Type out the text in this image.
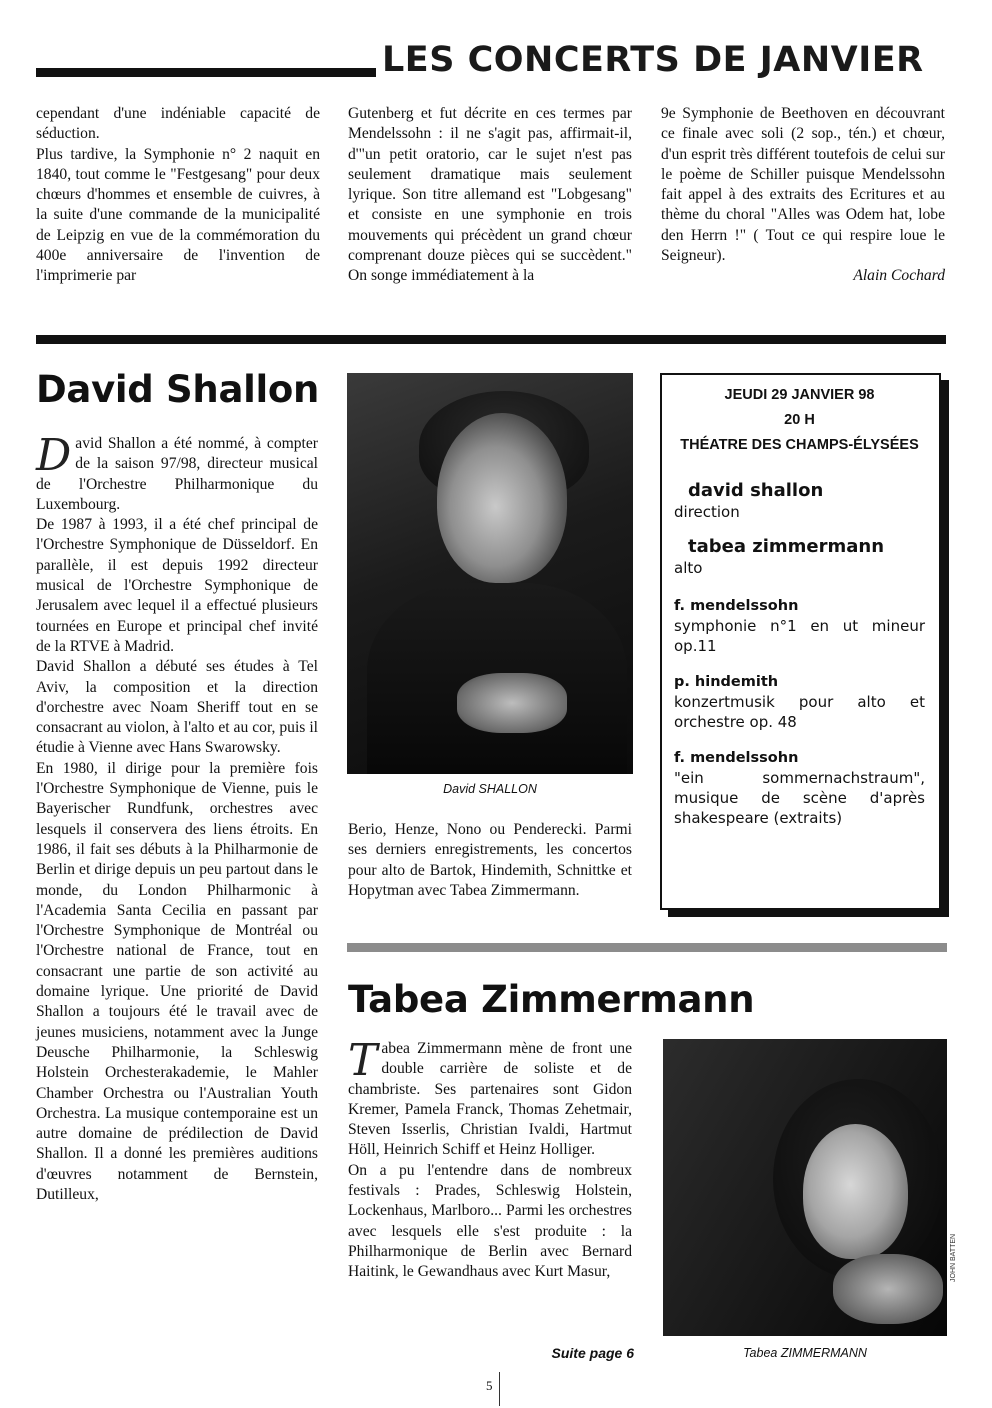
LES CONCERTS DE JANVIER

cependant d'une indéniable capacité de séduction.

Plus tardive, la Symphonie n° 2 naquit en 1840, tout comme le "Festgesang" pour deux chœurs d'hommes et ensemble de cuivres, à la suite d'une commande de la municipalité de Leipzig en vue de la commémoration du 400e anniversaire de l'invention de l'imprimerie par

Gutenberg et fut décrite en ces termes par Mendelssohn : il ne s'agit pas, affirmait-il, d'"un petit oratorio, car le sujet n'est pas seulement dramatique mais seulement lyrique. Son titre allemand est "Lobgesang" et consiste en une symphonie en trois mouvements qui précèdent un grand chœur comprenant douze pièces qui se succèdent." On songe immédiatement à la

9e Symphonie de Beethoven en découvrant ce finale avec soli (2 sop., tén.) et chœur, d'un esprit très différent toutefois de celui sur le poème de Schiller puisque Mendelssohn fait appel à des extraits des Ecritures et au thème du choral "Alles was Odem hat, lobe den Herrn !" ( Tout ce qui respire loue le Seigneur).

Alain Cochard

David Shallon

David Shallon a été nommé, à compter de la saison 97/98, directeur musical de l'Orchestre Philharmonique du Luxembourg.

De 1987 à 1993, il a été chef principal de l'Orchestre Symphonique de Düsseldorf. En parallèle, il est depuis 1992 directeur musical de l'Orchestre Symphonique de Jerusalem avec lequel il a effectué plusieurs tournées en Europe et principal chef invité de la RTVE à Madrid.

David Shallon a débuté ses études à Tel Aviv, la composition et la direction d'orchestre avec Noam Sheriff tout en se consacrant au violon, à l'alto et au cor, puis il étudie à Vienne avec Hans Swarowsky.

En 1980, il dirige pour la première fois l'Orchestre Symphonique de Vienne, puis le Bayerischer Rundfunk, orchestres avec lesquels il conservera des liens étroits. En 1986, il fait ses débuts à la Philharmonie de Berlin et dirige depuis un peu partout dans le monde, du London Philharmonic à l'Academia Santa Cecilia en passant par l'Orchestre Symphonique de Montréal ou l'Orchestre national de France, tout en consacrant une partie de son activité au domaine lyrique. Une priorité de David Shallon a toujours été le travail avec de jeunes musiciens, notamment avec la Junge Deusche Philharmonie, la Schleswig Holstein Orchesterakademie, le Mahler Chamber Orchestra ou l'Australian Youth Orchestra. La musique contemporaine est un autre domaine de prédilection de David Shallon. Il a donné les premières auditions d'œuvres notamment de Bernstein, Dutilleux,

David SHALLON

Berio, Henze, Nono ou Penderecki. Parmi ses derniers enregistrements, les concertos pour alto de Bartok, Hindemith, Schnittke et Hopytman avec Tabea Zimmermann.

JEUDI 29 JANVIER 98
20 H
THÉATRE DES CHAMPS-ÉLYSÉES
david shallon
direction
tabea zimmermann
alto
f. mendelssohn
symphonie n°1 en ut mineur op.11
p. hindemith
konzertmusik pour alto et orchestre op. 48
f. mendelssohn
"ein sommernachstraum", musique de scène d'après shakespeare (extraits)
Tabea Zimmermann

Tabea Zimmermann mène de front une double carrière de soliste et de chambriste. Ses partenaires sont Gidon Kremer, Pamela Franck, Thomas Zehetmair, Steven Isserlis, Christian Ivaldi, Hartmut Höll, Heinrich Schiff et Heinz Holliger.

On a pu l'entendre dans de nombreux festivals : Prades, Schleswig Holstein, Lockenhaus, Marlboro... Parmi les orchestres avec lesquels elle s'est produite : la Philharmonique de Berlin avec Bernard Haitink, le Gewandhaus avec Kurt Masur,

Suite page 6
JOHN BATTEN
Tabea ZIMMERMANN
5
